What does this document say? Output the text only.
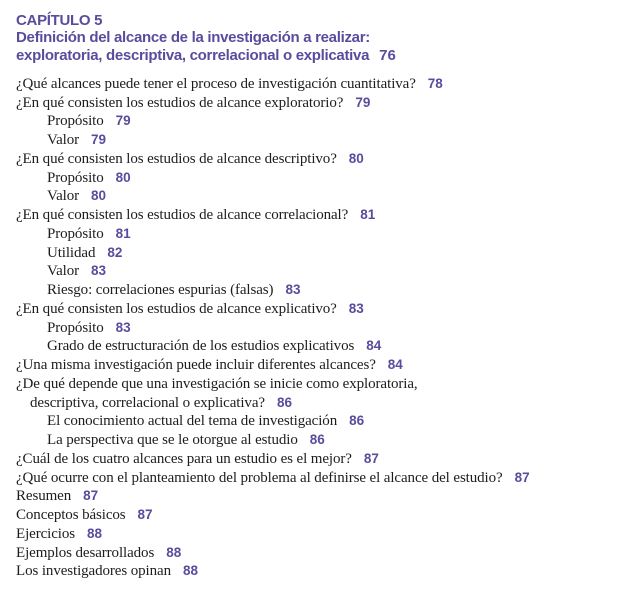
CAPÍTULO 5
Definición del alcance de la investigación a realizar:
exploratoria, descriptiva, correlacional o explicativa 76
¿Qué alcances puede tener el proceso de investigación cuantitativa? 78
¿En qué consisten los estudios de alcance exploratorio? 79
Propósito 79
Valor 79
¿En qué consisten los estudios de alcance descriptivo? 80
Propósito 80
Valor 80
¿En qué consisten los estudios de alcance correlacional? 81
Propósito 81
Utilidad 82
Valor 83
Riesgo: correlaciones espurias (falsas) 83
¿En qué consisten los estudios de alcance explicativo? 83
Propósito 83
Grado de estructuración de los estudios explicativos 84
¿Una misma investigación puede incluir diferentes alcances? 84
¿De qué depende que una investigación se inicie como exploratoria,
descriptiva, correlacional o explicativa? 86
El conocimiento actual del tema de investigación 86
La perspectiva que se le otorgue al estudio 86
¿Cuál de los cuatro alcances para un estudio es el mejor? 87
¿Qué ocurre con el planteamiento del problema al definirse el alcance del estudio? 87
Resumen 87
Conceptos básicos 87
Ejercicios 88
Ejemplos desarrollados 88
Los investigadores opinan 88
